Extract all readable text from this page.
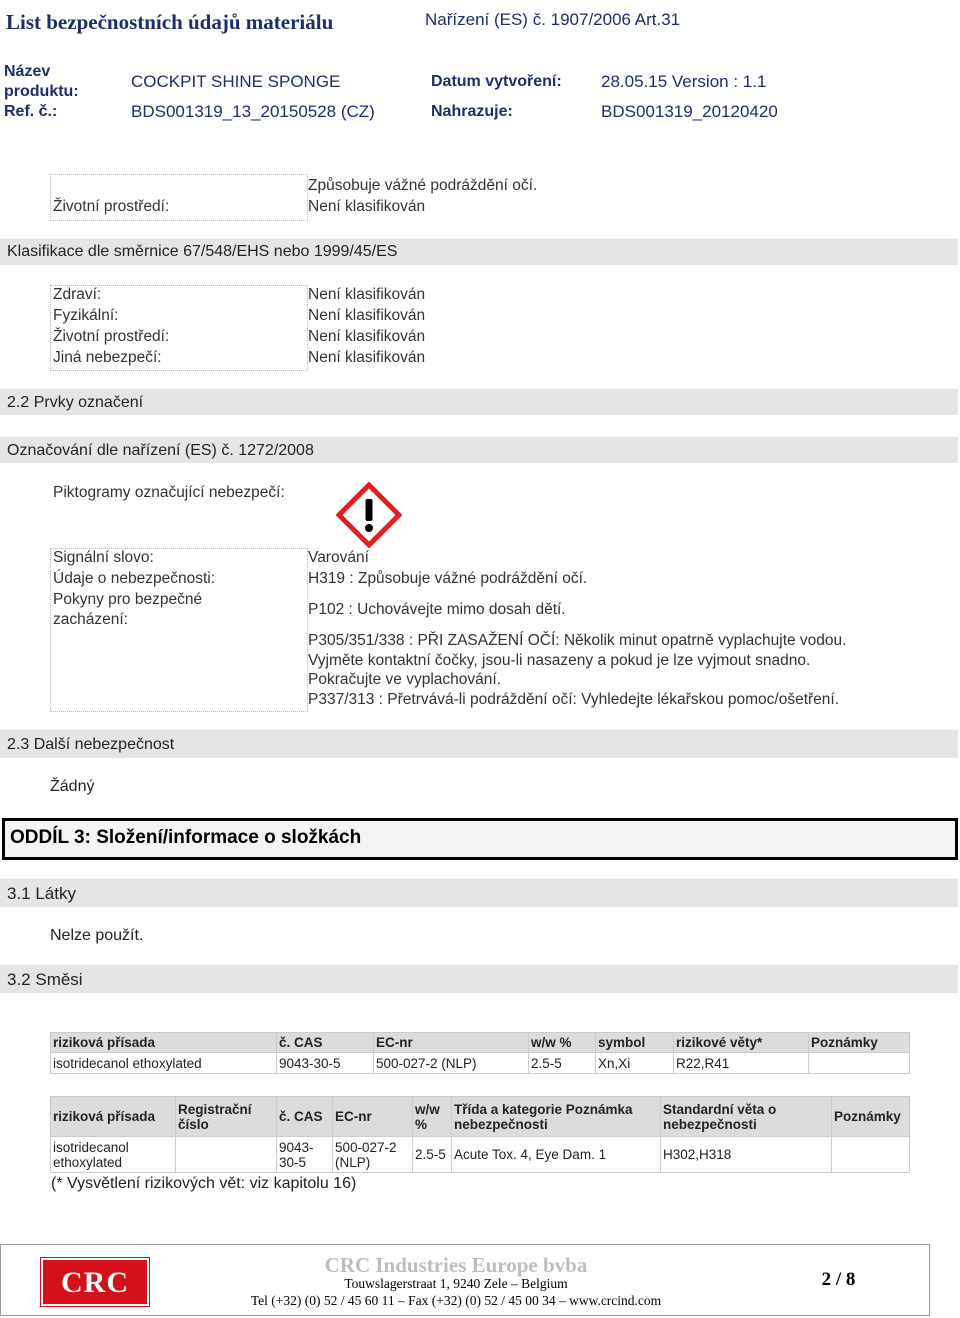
List bezpečnostních údajů materiálu	Nařízení (ES) č. 1907/2006 Art.31
Název
produktu:
COCKPIT SHINE SPONGE	Datum vytvoření: 28.05.15 Version : 1.1
Ref. č.:	BDS001319_13_20150528 (CZ)	Nahrazuje:	BDS001319_20120420
Životní prostředí:
Způsobuje vážné podráždění očí.
Není klasifikován
Klasifikace dle směrnice 67/548/EHS nebo 1999/45/ES
Zdraví:	Není klasifikován
Fyzikální:	Není klasifikován
Životní prostředí:	Není klasifikován
Jiná nebezpečí:	Není klasifikován
2.2 Prvky označení
Označování dle nařízení (ES) č. 1272/2008
Piktogramy označující nebezpečí:
Signální slovo:	Varování
Údaje o nebezpečnosti:	H319 : Způsobuje vážné podráždění očí.
Pokyny pro bezpečné
zacházení:
P102 : Uchovávejte mimo dosah dětí.
P305/351/338 : PŘI ZASAŽENÍ OČÍ: Několik minut opatrně vyplachujte vodou.
Vyjměte kontaktní čočky, jsou-li nasazeny a pokud je lze vyjmout snadno.
Pokračujte ve vyplachování.
P337/313 : Přetrvává-li podráždění očí: Vyhledejte lékařskou pomoc/ošetření.
2.3 Další nebezpečnost
Žádný
ODDÍL 3: Složení/informace o složkách
3.1 Látky
Nelze použít.
3.2 Směsi
riziková přísada	č. CAS	EC-nr	w/w %	symbol	rizikové věty*	Poznámky
isotridecanol ethoxylated	9043-30-5	500-027-2 (NLP)	2.5-5	Xn,Xi	R22,R41	
riziková přísada	Registrační číslo	č. CAS	EC-nr	w/w %	Třída a kategorie Poznámka nebezpečnosti	Standardní věta o nebezpečnosti	Poznámky
isotridecanol ethoxylated		9043-30-5	500-027-2 (NLP)	2.5-5	Acute Tox. 4, Eye Dam. 1	H302,H318	
(* Vysvětlení rizikových vět: viz kapitolu 16)
CRC
CRC Industries Europe bvba
Touwslagerstraat 1, 9240 Zele – Belgium
Tel (+32) (0) 52 / 45 60 11 – Fax (+32) (0) 52 / 45 00 34 – www.crcind.com
2 / 8
